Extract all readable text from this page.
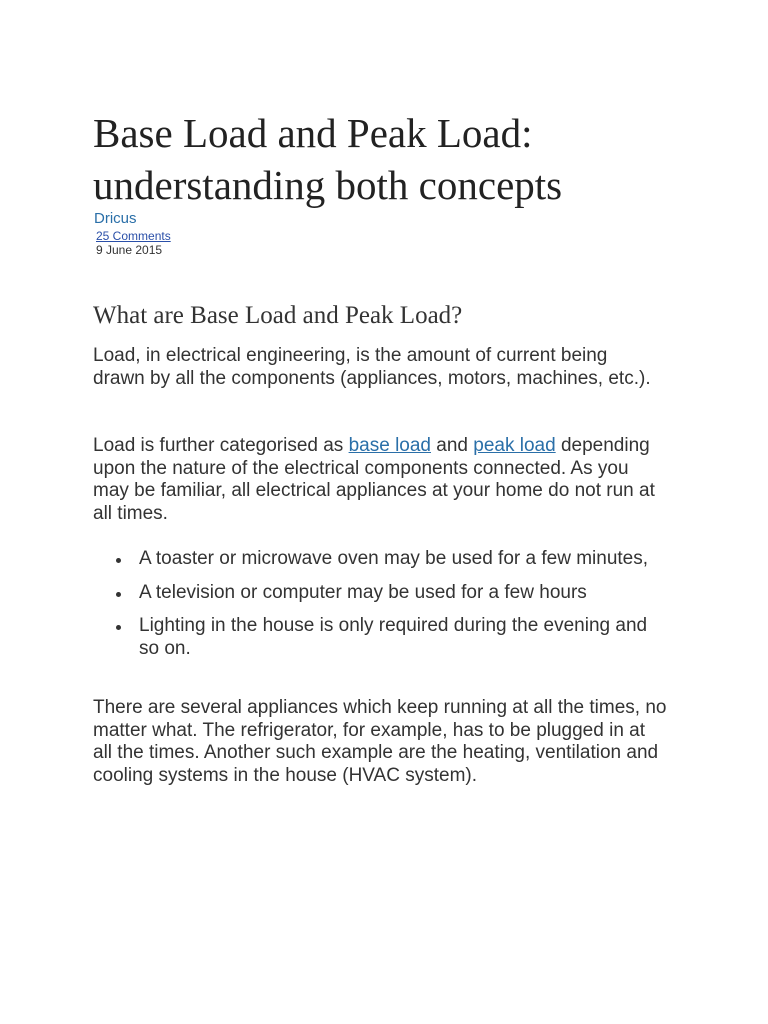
Base Load and Peak Load: understanding both concepts
Dricus
25 Comments
9 June 2015
What are Base Load and Peak Load?

Load, in electrical engineering, is the amount of current being drawn by all the components (appliances, motors, machines, etc.).

Load is further categorised as base load and peak load depending upon the nature of the electrical components connected. As you may be familiar, all electrical appliances at your home do not run at all times.

A toaster or microwave oven may be used for a few minutes,
A television or computer may be used for a few hours
Lighting in the house is only required during the evening and so on.

There are several appliances which keep running at all the times, no matter what. The refrigerator, for example, has to be plugged in at all the times. Another such example are the heating, ventilation and cooling systems in the house (HVAC system).
